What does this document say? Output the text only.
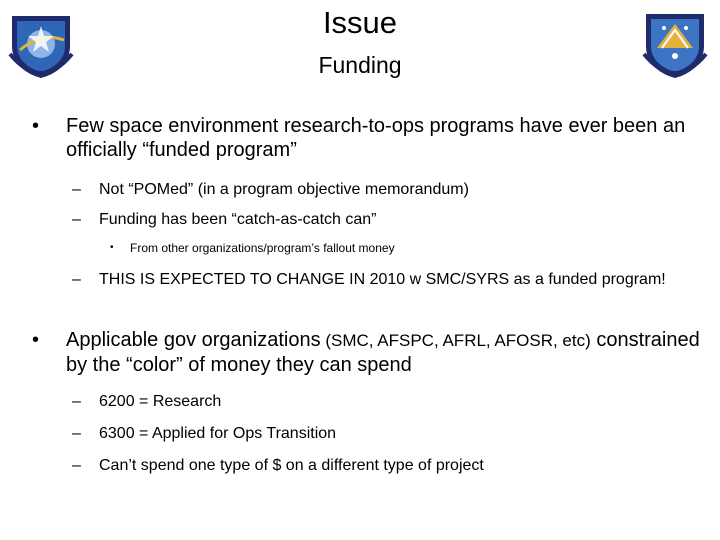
Issue
Funding
• Few space environment research-to-ops programs have ever been an officially “funded program”
– Not “POMed” (in a program objective memorandum)
– Funding has been “catch-as-catch can”
• From other organizations/program’s fallout money
– THIS IS EXPECTED TO CHANGE IN 2010 w SMC/SYRS as a funded program!
• Applicable gov organizations (SMC, AFSPC, AFRL, AFOSR, etc) constrained by the “color” of money they can spend
– 6200 = Research
– 6300 = Applied for Ops Transition
– Can’t spend one type of $ on a different type of project
